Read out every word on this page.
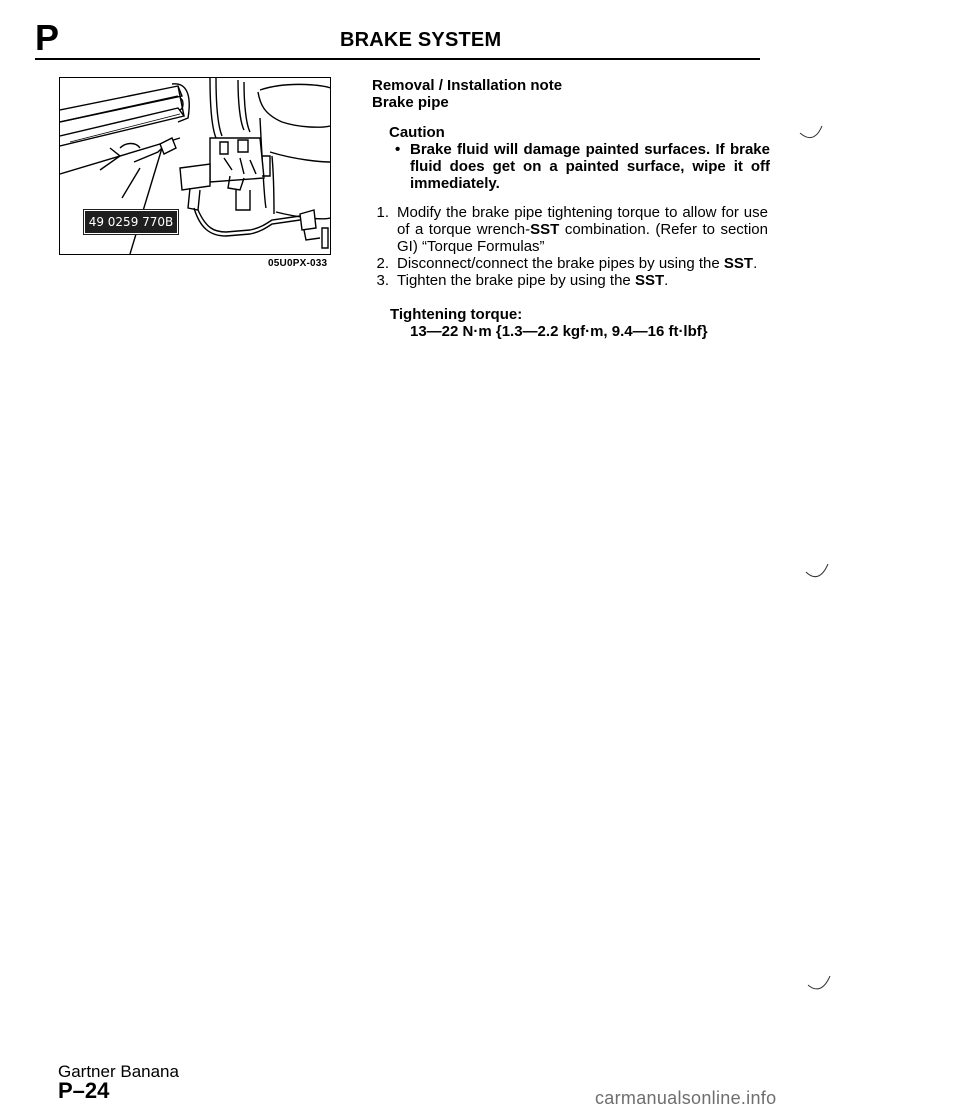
P	BRAKE SYSTEM
49 0259 770B
05U0PX-033
Removal / Installation note
Brake pipe
Caution
• Brake fluid will damage painted surfaces. If brake fluid does get on a painted surface, wipe it off immediately.
1. Modify the brake pipe tightening torque to allow for use of a torque wrench-SST combination. (Refer to section GI) “Torque Formulas”
2. Disconnect/connect the brake pipes by using the SST.
3. Tighten the brake pipe by using the SST.
Tightening torque:
13—22 N·m {1.3—2.2 kgf·m, 9.4—16 ft·lbf}
Gartner Banana
P–24	carmanualsonline.info
